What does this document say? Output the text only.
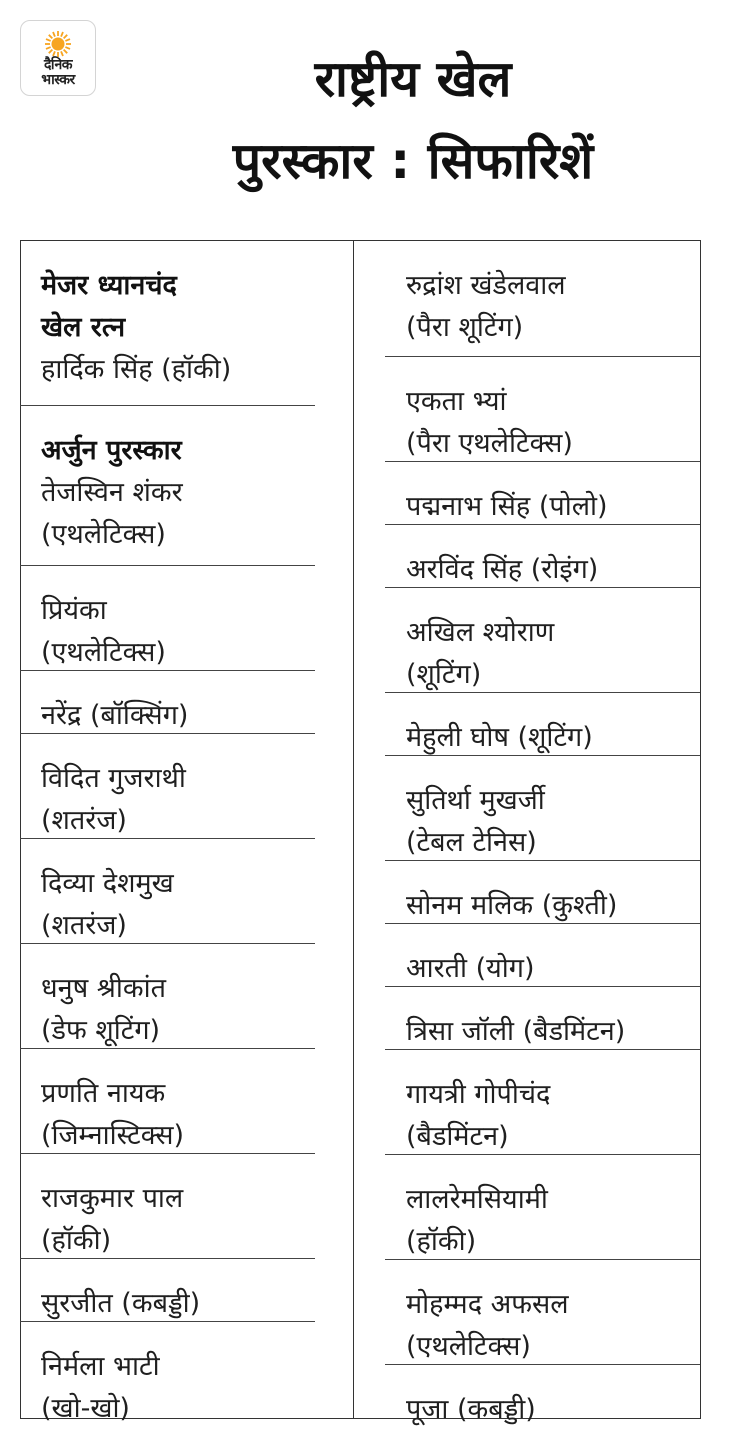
दैनिक
भास्कर	राष्ट्रीय खेल
पुरस्कार : सिफारिशें
मेजर ध्यानचंद
खेल रत्न
हार्दिक सिंह (हॉकी)
अर्जुन पुरस्कार
तेजस्विन शंकर
(एथलेटिक्स)
प्रियंका
(एथलेटिक्स)
नरेंद्र (बॉक्सिंग)
विदित गुजराथी
(शतरंज)
दिव्या देशमुख
(शतरंज)
धनुष श्रीकांत
(डेफ शूटिंग)
प्रणति नायक
(जिम्नास्टिक्स)
राजकुमार पाल
(हॉकी)
सुरजीत (कबड्डी)
निर्मला भाटी
(खो-खो)
रुद्रांश खंडेलवाल
(पैरा शूटिंग)
एकता भ्यां
(पैरा एथलेटिक्स)
पद्मनाभ सिंह (पोलो)
अरविंद सिंह (रोइंग)
अखिल श्योराण
(शूटिंग)
मेहुली घोष (शूटिंग)
सुतिर्था मुखर्जी
(टेबल टेनिस)
सोनम मलिक (कुश्ती)
आरती (योग)
त्रिसा जॉली (बैडमिंटन)
गायत्री गोपीचंद
(बैडमिंटन)
लालरेमसियामी
(हॉकी)
मोहम्मद अफसल
(एथलेटिक्स)
पूजा (कबड्डी)
